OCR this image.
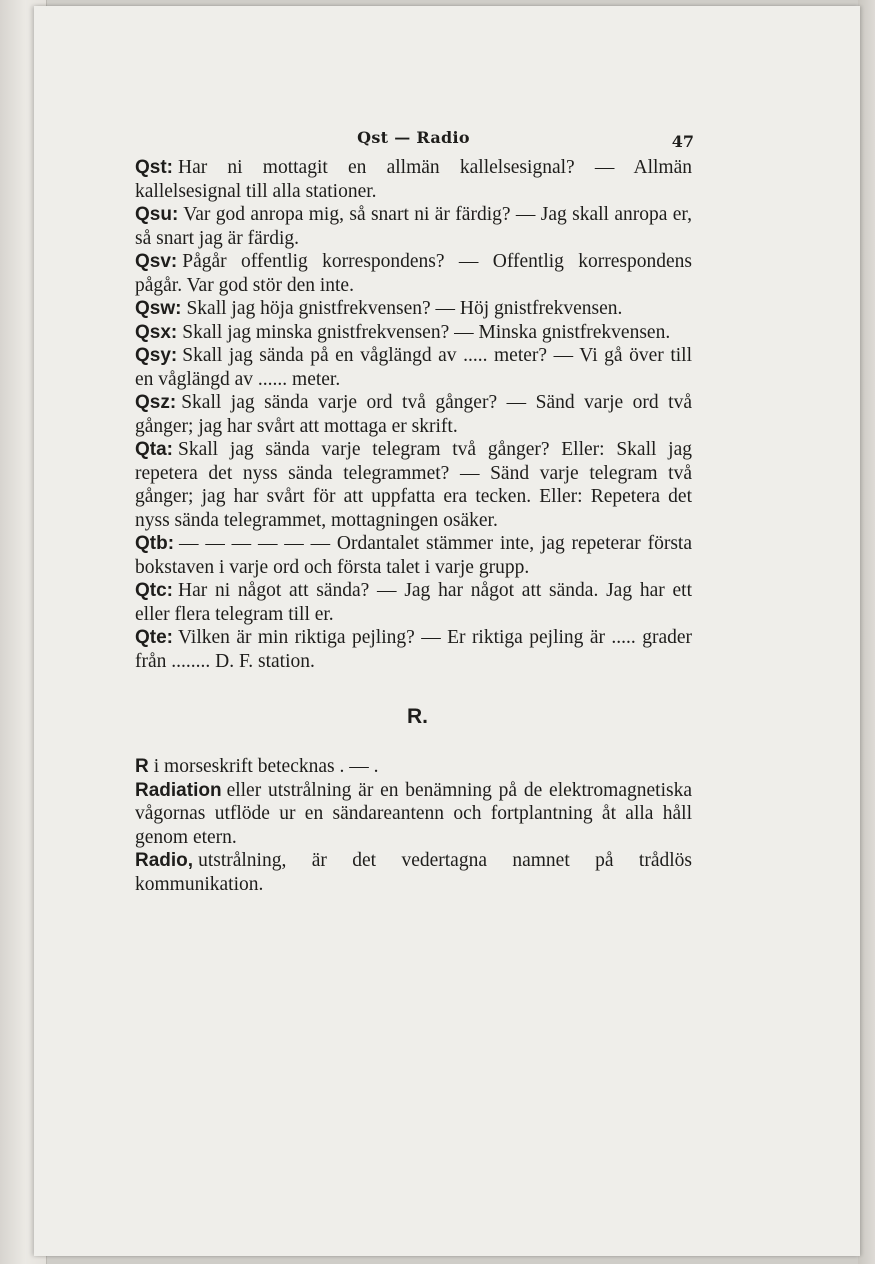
Qst — Radio	47

Qst: Har ni mottagit en allmän kallelsesignal? — Allmän kallelsesignal till alla stationer.

Qsu: Var god anropa mig, så snart ni är färdig? — Jag skall anropa er, så snart jag är färdig.

Qsv: Pågår offentlig korrespondens? — Offentlig korrespondens pågår. Var god stör den inte.

Qsw: Skall jag höja gnistfrekvensen? — Höj gnistfrekvensen.

Qsx: Skall jag minska gnistfrekvensen? — Minska gnistfrekvensen.

Qsy: Skall jag sända på en våglängd av ..... meter? — Vi gå över till en våglängd av ...... meter.

Qsz: Skall jag sända varje ord två gånger? — Sänd varje ord två gånger; jag har svårt att mottaga er skrift.

Qta: Skall jag sända varje telegram två gånger? Eller: Skall jag repetera det nyss sända telegrammet? — Sänd varje telegram två gånger; jag har svårt för att uppfatta era tecken. Eller: Repetera det nyss sända telegrammet, mottagningen osäker.

Qtb: — — — — — — Ordantalet stämmer inte, jag repeterar första bokstaven i varje ord och första talet i varje grupp.

Qtc: Har ni något att sända? — Jag har något att sända. Jag har ett eller flera telegram till er.

Qte: Vilken är min riktiga pejling? — Er riktiga pejling är ..... grader från ........ D. F. station.

R.

R i morseskrift betecknas . — .

Radiation eller utstrålning är en benämning på de elektromagnetiska vågornas utflöde ur en sändareantenn och fortplantning åt alla håll genom etern.

Radio, utstrålning, är det vedertagna namnet på trådlös kommunikation.
